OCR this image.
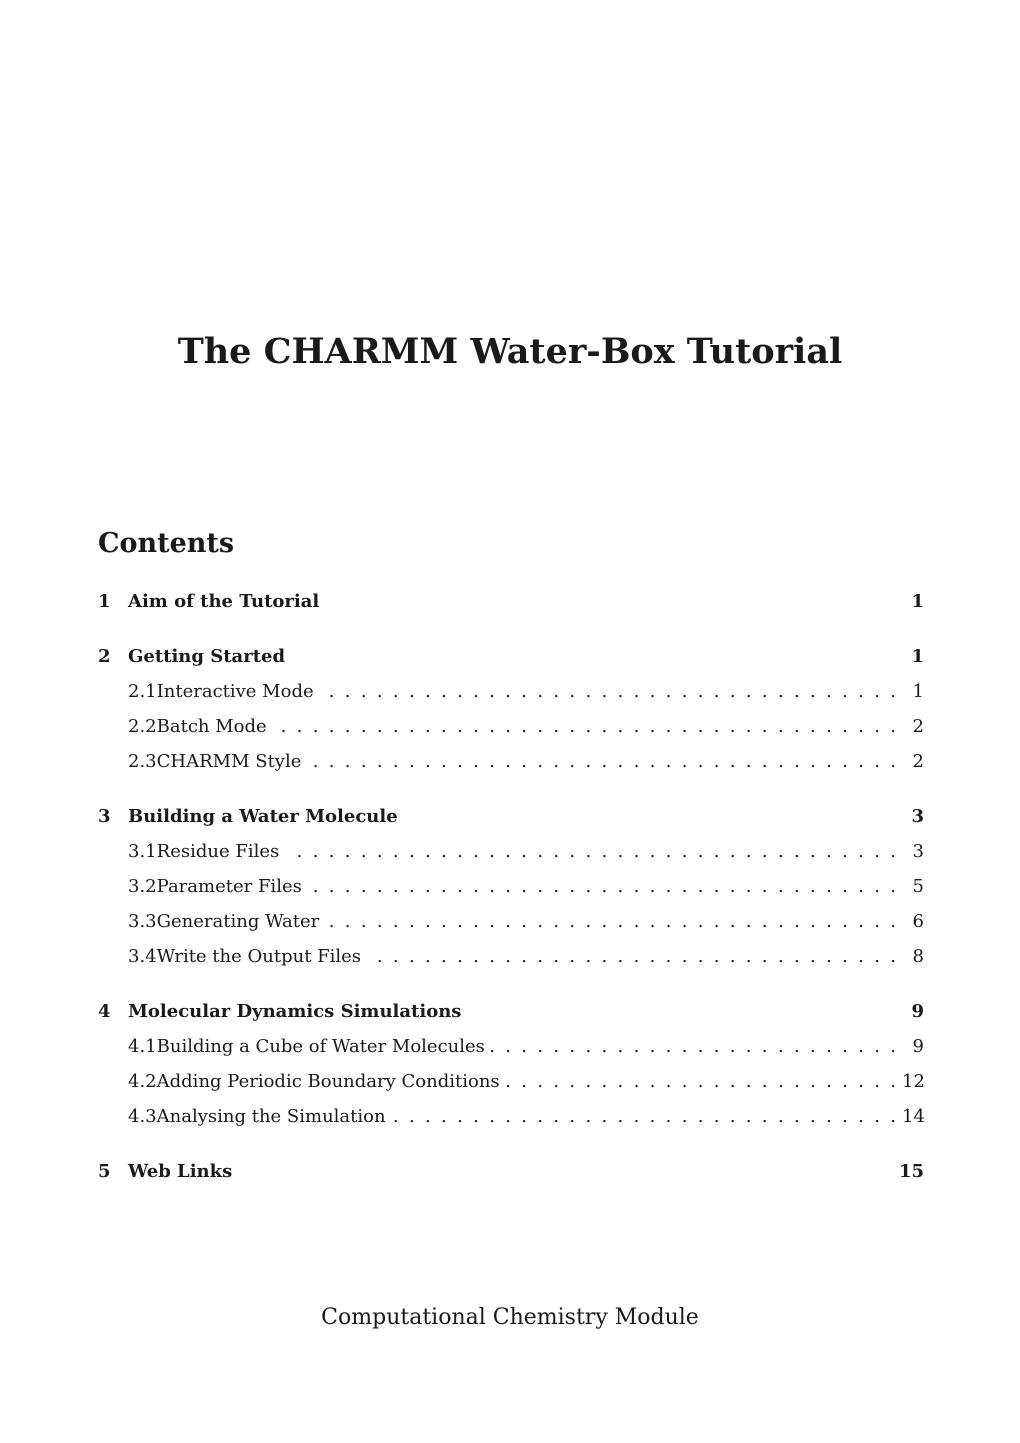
The CHARMM Water-Box Tutorial
Contents
1 Aim of the Tutorial	1
2 Getting Started	1
2.1 Interactive Mode . . .	1
2.2 Batch Mode . . .	2
2.3 CHARMM Style . . .	2
3 Building a Water Molecule	3
3.1 Residue Files . . .	3
3.2 Parameter Files . . .	5
3.3 Generating Water . . .	6
3.4 Write the Output Files . . .	8
4 Molecular Dynamics Simulations	9
4.1 Building a Cube of Water Molecules . . .	9
4.2 Adding Periodic Boundary Conditions . . .	12
4.3 Analysing the Simulation . . .	14
5 Web Links	15
Computational Chemistry Module
